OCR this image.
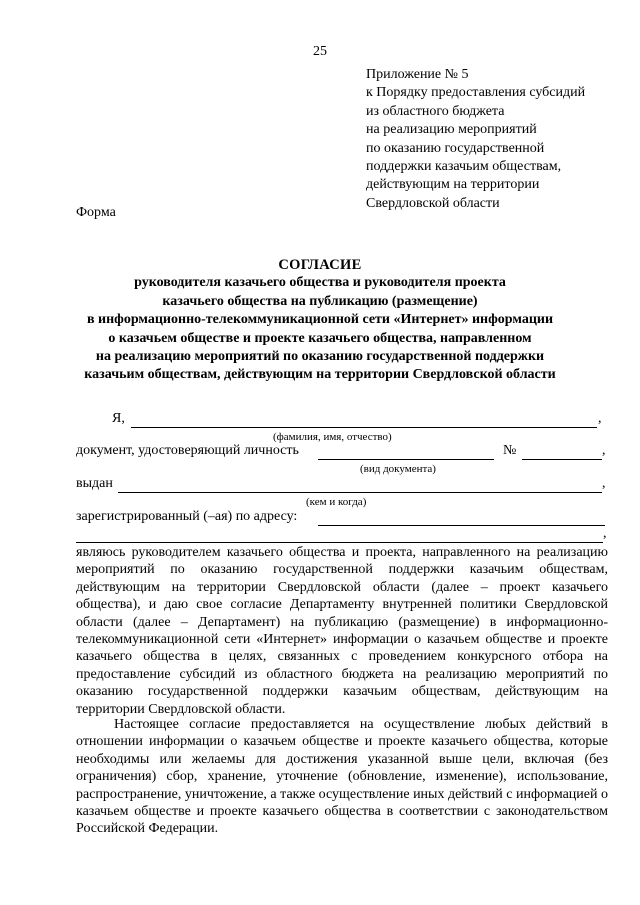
25
Приложение № 5
к Порядку предоставления субсидий
из областного бюджета
на реализацию мероприятий
по оказанию государственной
поддержки казачьим обществам,
действующим на территории
Свердловской области
Форма
СОГЛАСИЕ
руководителя казачьего общества и руководителя проекта
казачьего общества на публикацию (размещение)
в информационно-телекоммуникационной сети «Интернет» информации
о казачьем обществе и проекте казачьего общества, направленном
на реализацию мероприятий по оказанию государственной поддержки
казачьим обществам, действующим на территории Свердловской области
Я,	,
(фамилия, имя, отчество)
документ, удостоверяющий личность	№	,
(вид документа)
выдан	,
(кем и когда)
зарегистрированный (–ая) по адресу:
,
являюсь руководителем казачьего общества и проекта, направленного на реализацию мероприятий по оказанию государственной поддержки казачьим обществам, действующим на территории Свердловской области (далее – проект казачьего общества), и даю свое согласие Департаменту внутренней политики Свердловской области (далее – Департамент) на публикацию (размещение) в информационно-телекоммуникационной сети «Интернет» информации о казачьем обществе и проекте казачьего общества в целях, связанных с проведением конкурсного отбора на предоставление субсидий из областного бюджета на реализацию мероприятий по оказанию государственной поддержки казачьим обществам, действующим на территории Свердловской области.
Настоящее согласие предоставляется на осуществление любых действий в отношении информации о казачьем обществе и проекте казачьего общества, которые необходимы или желаемы для достижения указанной выше цели, включая (без ограничения) сбор, хранение, уточнение (обновление, изменение), использование, распространение, уничтожение, а также осуществление иных действий с информацией о казачьем обществе и проекте казачьего общества в соответствии с законодательством Российской Федерации.
